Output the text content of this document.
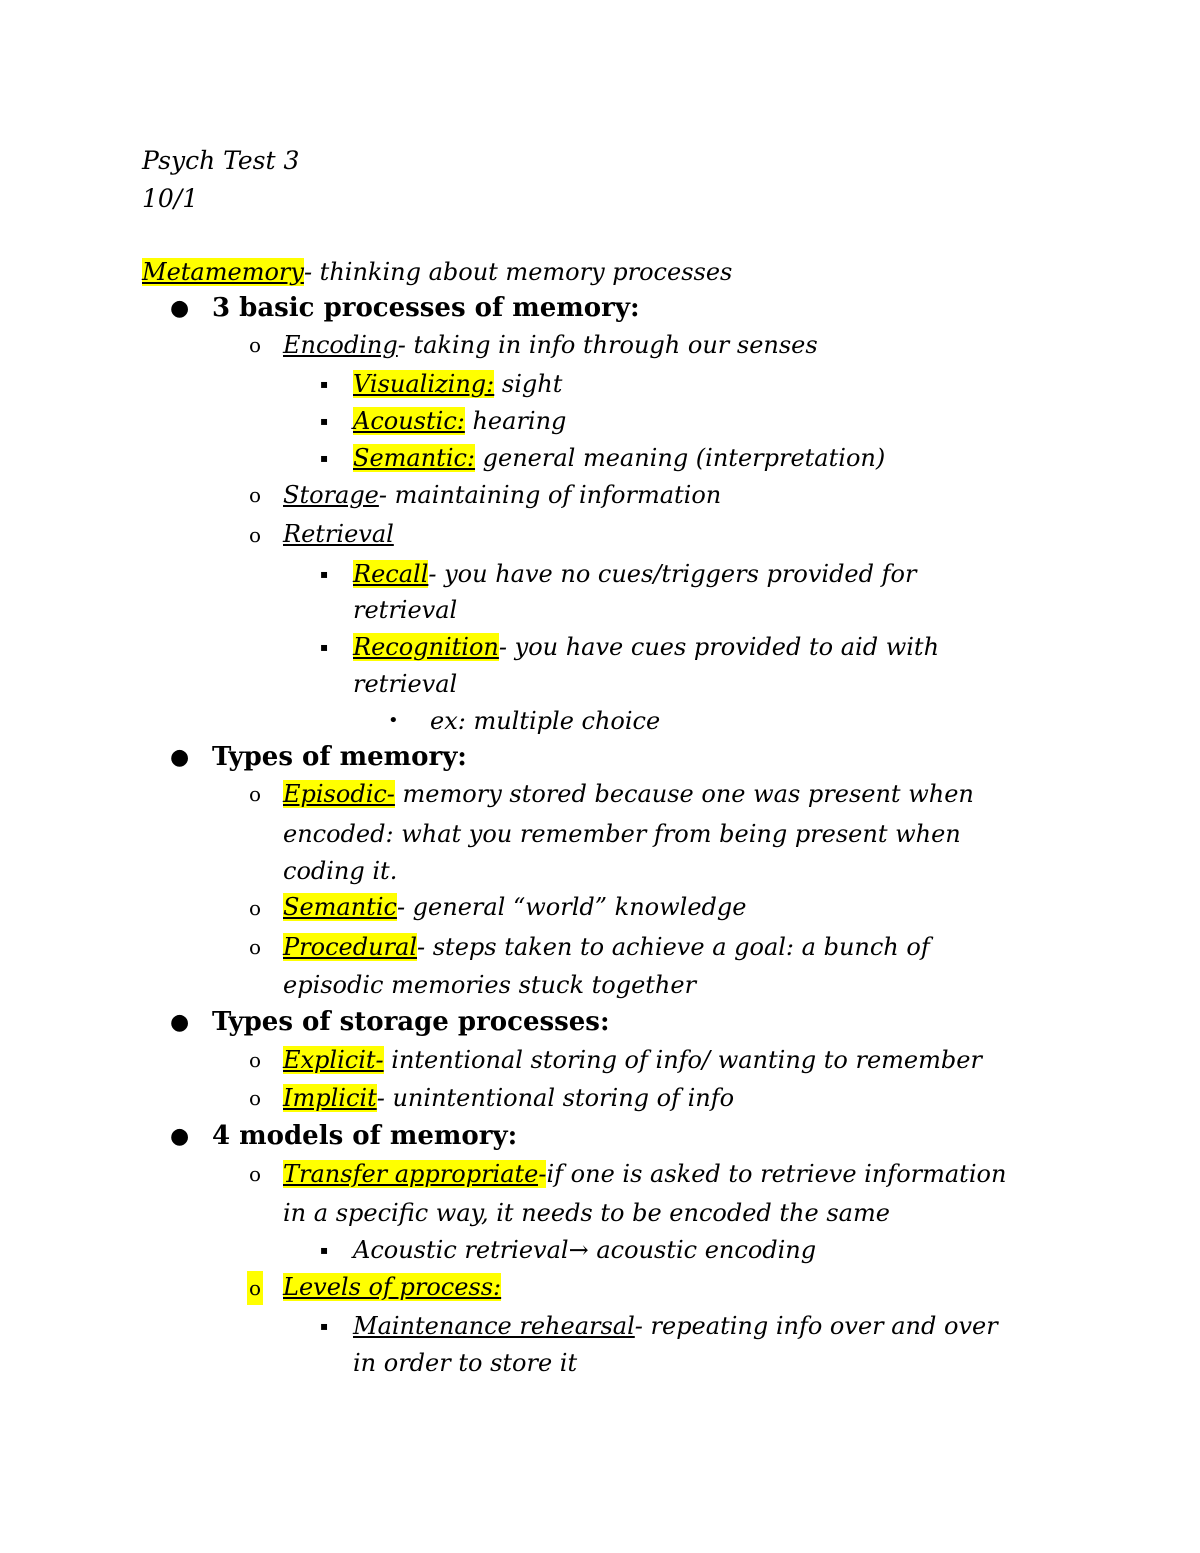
Psych Test 3
10/1
Metamemory- thinking about memory processes
● 3 basic processes of memory:
o Encoding- taking in info through our senses
▪ Visualizing: sight
▪ Acoustic: hearing
▪ Semantic: general meaning (interpretation)
o Storage- maintaining of information
o Retrieval
▪ Recall- you have no cues/triggers provided for
retrieval
▪ Recognition- you have cues provided to aid with
retrieval
• ex: multiple choice
● Types of memory:
o Episodic- memory stored because one was present when
encoded: what you remember from being present when
coding it.
o Semantic- general “world” knowledge
o Procedural- steps taken to achieve a goal: a bunch of
episodic memories stuck together
● Types of storage processes:
o Explicit- intentional storing of info/ wanting to remember
o Implicit- unintentional storing of info
● 4 models of memory:
o Transfer appropriate-if one is asked to retrieve information
in a specific way, it needs to be encoded the same
▪ Acoustic retrieval→ acoustic encoding
o Levels of process:
▪ Maintenance rehearsal- repeating info over and over
in order to store it
